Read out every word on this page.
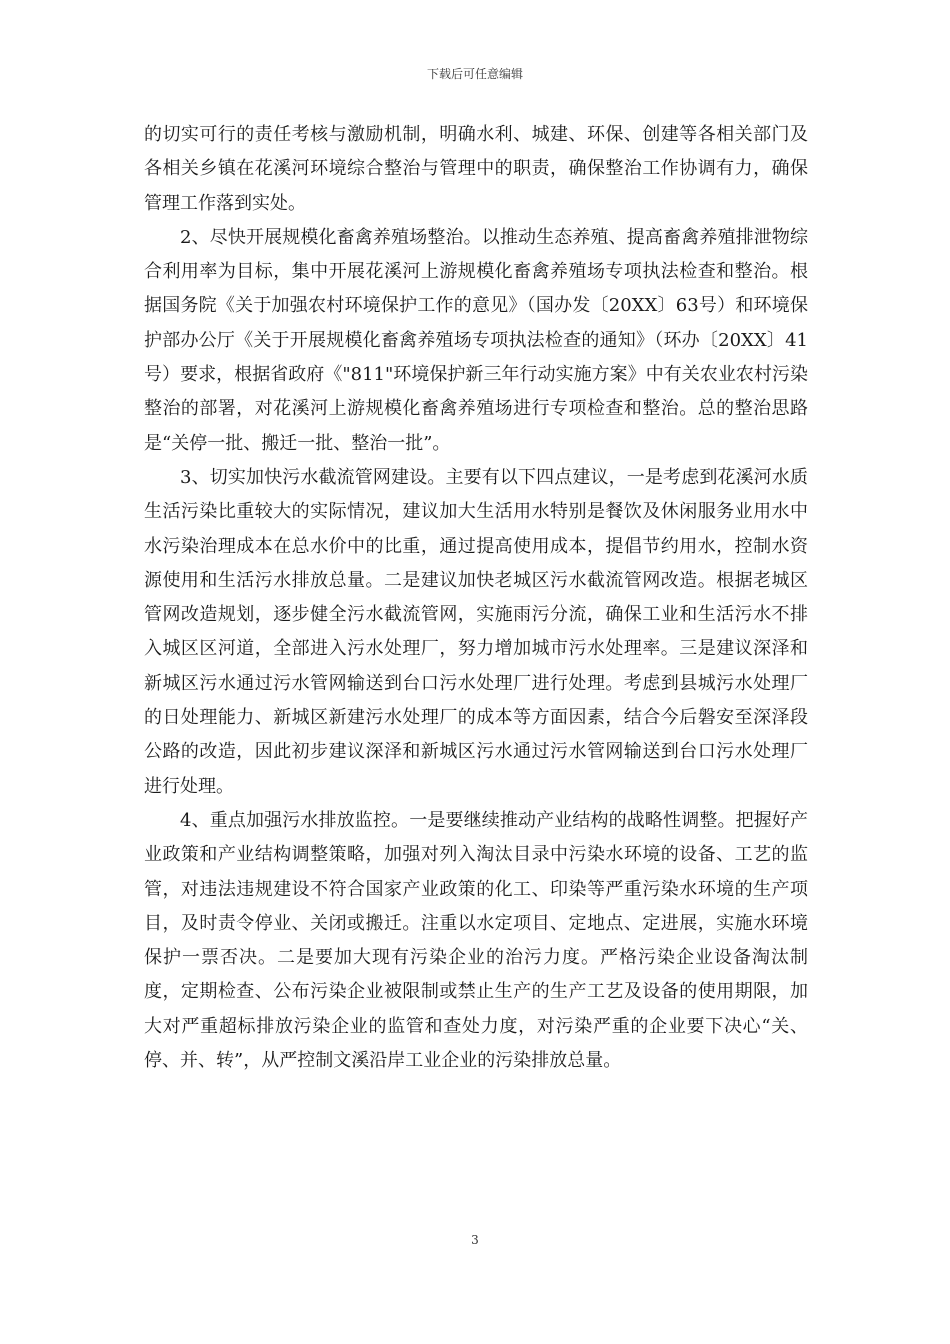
下载后可任意编辑

的切实可行的责任考核与激励机制，明确水利、城建、环保、创建等各相关部门及各相关乡镇在花溪河环境综合整治与管理中的职责，确保整治工作协调有力，确保管理工作落到实处。

2、尽快开展规模化畜禽养殖场整治。以推动生态养殖、提高畜禽养殖排泄物综合利用率为目标，集中开展花溪河上游规模化畜禽养殖场专项执法检查和整治。根据国务院《关于加强农村环境保护工作的意见》（国办发〔20XX〕63号）和环境保护部办公厅《关于开展规模化畜禽养殖场专项执法检查的通知》（环办〔20XX〕41号）要求，根据省政府《"811"环境保护新三年行动实施方案》中有关农业农村污染整治的部署，对花溪河上游规模化畜禽养殖场进行专项检查和整治。总的整治思路是“关停一批、搬迁一批、整治一批”。

3、切实加快污水截流管网建设。主要有以下四点建议，一是考虑到花溪河水质生活污染比重较大的实际情况，建议加大生活用水特别是餐饮及休闲服务业用水中水污染治理成本在总水价中的比重，通过提高使用成本，提倡节约用水，控制水资源使用和生活污水排放总量。二是建议加快老城区污水截流管网改造。根据老城区管网改造规划，逐步健全污水截流管网，实施雨污分流，确保工业和生活污水不排入城区区河道，全部进入污水处理厂，努力增加城市污水处理率。三是建议深泽和新城区污水通过污水管网输送到台口污水处理厂进行处理。考虑到县城污水处理厂的日处理能力、新城区新建污水处理厂的成本等方面因素，结合今后磐安至深泽段公路的改造，因此初步建议深泽和新城区污水通过污水管网输送到台口污水处理厂进行处理。

4、重点加强污水排放监控。一是要继续推动产业结构的战略性调整。把握好产业政策和产业结构调整策略，加强对列入淘汰目录中污染水环境的设备、工艺的监管，对违法违规建设不符合国家产业政策的化工、印染等严重污染水环境的生产项目，及时责令停业、关闭或搬迁。注重以水定项目、定地点、定进展，实施水环境保护一票否决。二是要加大现有污染企业的治污力度。严格污染企业设备淘汰制度，定期检查、公布污染企业被限制或禁止生产的生产工艺及设备的使用期限，加大对严重超标排放污染企业的监管和查处力度，对污染严重的企业要下决心“关、停、并、转”，从严控制文溪沿岸工业企业的污染排放总量。

3
